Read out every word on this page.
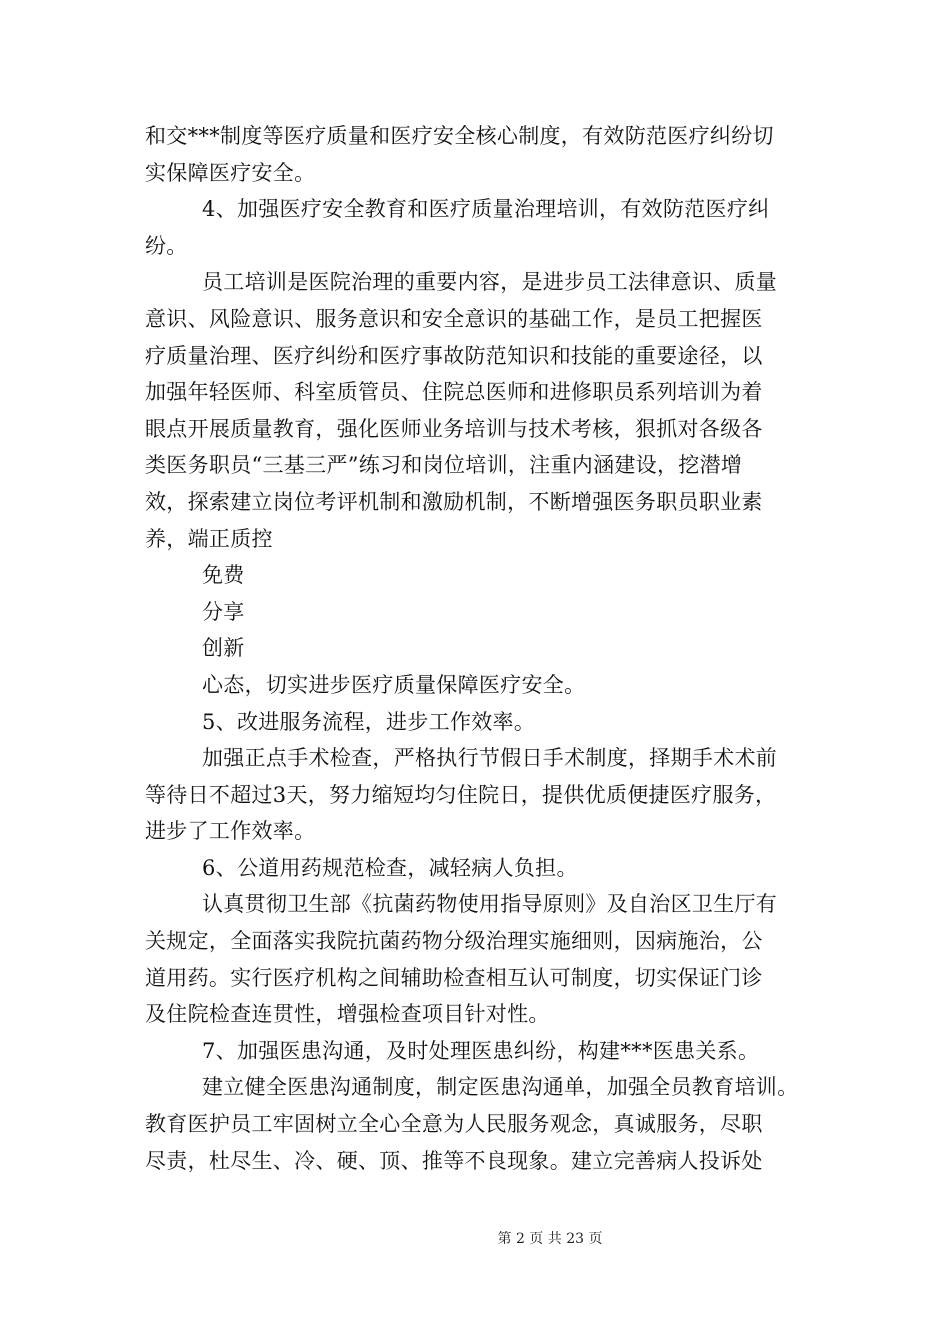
和交***制度等医疗质量和医疗安全核心制度，有效防范医疗纠纷切
实保障医疗安全。
4、加强医疗安全教育和医疗质量治理培训，有效防范医疗纠
纷。
员工培训是医院治理的重要内容，是进步员工法律意识、质量
意识、风险意识、服务意识和安全意识的基础工作，是员工把握医
疗质量治理、医疗纠纷和医疗事故防范知识和技能的重要途径，以
加强年轻医师、科室质管员、住院总医师和进修职员系列培训为着
眼点开展质量教育，强化医师业务培训与技术考核，狠抓对各级各
类医务职员“三基三严”练习和岗位培训，注重内涵建设，挖潜增
效，探索建立岗位考评机制和激励机制，不断增强医务职员职业素
养，端正质控
免费
分享
创新
心态，切实进步医疗质量保障医疗安全。
5、改进服务流程，进步工作效率。
加强正点手术检查，严格执行节假日手术制度，择期手术术前
等待日不超过3天，努力缩短均匀住院日，提供优质便捷医疗服务，
进步了工作效率。
6、公道用药规范检查，减轻病人负担。
认真贯彻卫生部《抗菌药物使用指导原则》及自治区卫生厅有
关规定，全面落实我院抗菌药物分级治理实施细则，因病施治，公
道用药。实行医疗机构之间辅助检查相互认可制度，切实保证门诊
及住院检查连贯性，增强检查项目针对性。
7、加强医患沟通，及时处理医患纠纷，构建***医患关系。
建立健全医患沟通制度，制定医患沟通单，加强全员教育培训。
教育医护员工牢固树立全心全意为人民服务观念，真诚服务，尽职
尽责，杜尽生、冷、硬、顶、推等不良现象。建立完善病人投诉处
第 2 页 共 23 页
